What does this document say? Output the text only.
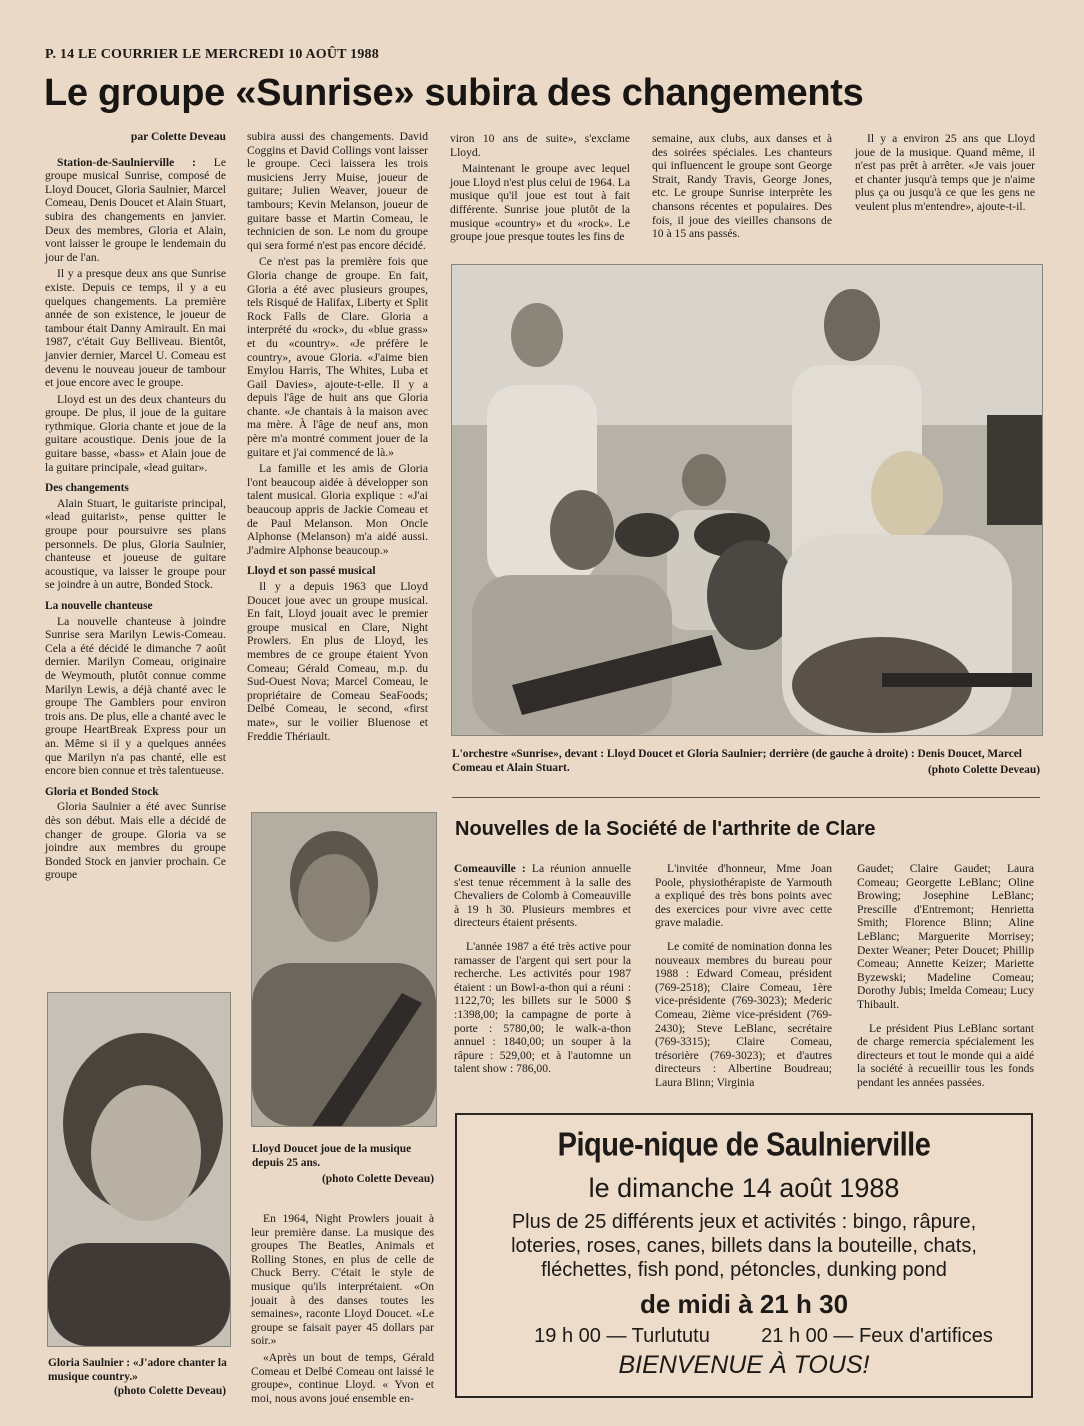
P. 14 LE COURRIER LE MERCREDI 10 AOÛT 1988
Le groupe «Sunrise» subira des changements
par Colette Deveau

Station-de-Saulnierville : Le groupe musical Sunrise, composé de Lloyd Doucet, Gloria Saulnier, Marcel Comeau, Denis Doucet et Alain Stuart, subira des changements en janvier. Deux des membres, Gloria et Alain, vont laisser le groupe le lendemain du jour de l'an.

Il y a presque deux ans que Sunrise existe. Depuis ce temps, il y a eu quelques changements. La première année de son existence, le joueur de tambour était Danny Amirault. En mai 1987, c'était Guy Belliveau. Bientôt, janvier dernier, Marcel U. Comeau est devenu le nouveau joueur de tambour et joue encore avec le groupe.

Lloyd est un des deux chanteurs du groupe. De plus, il joue de la guitare rythmique. Gloria chante et joue de la guitare acoustique. Denis joue de la guitare basse, «bass» et Alain joue de la guitare principale, «lead guitar».

Des changements

Alain Stuart, le guitariste principal, «lead guitarist», pense quitter le groupe pour poursuivre ses plans personnels. De plus, Gloria Saulnier, chanteuse et joueuse de guitare acoustique, va laisser le groupe pour se joindre à un autre, Bonded Stock.

La nouvelle chanteuse

La nouvelle chanteuse à joindre Sunrise sera Marilyn Lewis-Comeau. Cela a été décidé le dimanche 7 août dernier. Marilyn Comeau, originaire de Weymouth, plutôt connue comme Marilyn Lewis, a déjà chanté avec le groupe The Gamblers pour environ trois ans. De plus, elle a chanté avec le groupe HeartBreak Express pour un an. Même si il y a quelques années que Marilyn n'a pas chanté, elle est encore bien connue et très talentueuse.

Gloria et Bonded Stock

Gloria Saulnier a été avec Sunrise dès son début. Mais elle a décidé de changer de groupe. Gloria va se joindre aux membres du groupe Bonded Stock en janvier prochain. Ce groupe

subira aussi des changements. David Coggins et David Collings vont laisser le groupe. Ceci laissera les trois musiciens Jerry Muise, joueur de guitare; Julien Weaver, joueur de tambours; Kevin Melanson, joueur de guitare basse et Martin Comeau, le technicien de son. Le nom du groupe qui sera formé n'est pas encore décidé.

Ce n'est pas la première fois que Gloria change de groupe. En fait, Gloria a été avec plusieurs groupes, tels Risqué de Halifax, Liberty et Split Rock Falls de Clare. Gloria a interprété du «rock», du «blue grass» et du «country». «Je préfère le country», avoue Gloria. «J'aime bien Emylou Harris, The Whites, Luba et Gail Davies», ajoute-t-elle. Il y a depuis l'âge de huit ans que Gloria chante. «Je chantais à la maison avec ma mère. À l'âge de neuf ans, mon père m'a montré comment jouer de la guitare et j'ai commencé de là.»

La famille et les amis de Gloria l'ont beaucoup aidée à développer son talent musical. Gloria explique : «J'ai beaucoup appris de Jackie Comeau et de Paul Melanson. Mon Oncle Alphonse (Melanson) m'a aidé aussi. J'admire Alphonse beaucoup.»

Lloyd et son passé musical

Il y a depuis 1963 que Lloyd Doucet joue avec un groupe musical. En fait, Lloyd jouait avec le premier groupe musical en Clare, Night Prowlers. En plus de Lloyd, les membres de ce groupe étaient Yvon Comeau; Gérald Comeau, m.p. du Sud-Ouest Nova; Marcel Comeau, le propriétaire de Comeau SeaFoods; Delbé Comeau, le second, «first mate», sur le voilier Bluenose et Freddie Thériault.

viron 10 ans de suite», s'exclame Lloyd.

Maintenant le groupe avec lequel joue Lloyd n'est plus celui de 1964. La musique qu'il joue est tout à fait différente. Sunrise joue plutôt de la musique «country» et du «rock». Le groupe joue presque toutes les fins de

semaine, aux clubs, aux danses et à des soirées spéciales. Les chanteurs qui influencent le groupe sont George Strait, Randy Travis, George Jones, etc. Le groupe Sunrise interprète les chansons récentes et populaires. Des fois, il joue des vieilles chansons de 10 à 15 ans passés.

Il y a environ 25 ans que Lloyd joue de la musique. Quand même, il n'est pas prêt à arrêter. «Je vais jouer et chanter jusqu'à temps que je n'aime plus ça ou jusqu'à ce que les gens ne veulent plus m'entendre», ajoute-t-il.

L'orchestre «Sunrise», devant : Lloyd Doucet et Gloria Saulnier; derrière (de gauche à droite) : Denis Doucet, Marcel Comeau et Alain Stuart.	(photo Colette Deveau)
Lloyd Doucet joue de la musique depuis 25 ans.
(photo Colette Deveau)

En 1964, Night Prowlers jouait à leur première danse. La musique des groupes The Beatles, Animals et Rolling Stones, en plus de celle de Chuck Berry. C'était le style de musique qu'ils interprétaient. «On jouait à des danses toutes les semaines», raconte Lloyd Doucet. «Le groupe se faisait payer 45 dollars par soir.»

«Après un bout de temps, Gérald Comeau et Delbé Comeau ont laissé le groupe», continue Lloyd. « Yvon et moi, nous avons joué ensemble en-

Gloria Saulnier : «J'adore chanter la musique country.»
(photo Colette Deveau)
Nouvelles de la Société de l'arthrite de Clare

Comeauville : La réunion annuelle s'est tenue récemment à la salle des Chevaliers de Colomb à Comeauville à 19 h 30. Plusieurs membres et directeurs étaient présents.

L'année 1987 a été très active pour ramasser de l'argent qui sert pour la recherche. Les activités pour 1987 étaient : un Bowl-a-thon qui a réuni : 1122,70; les billets sur le 5000 $ :1398,00; la campagne de porte à porte : 5780,00; le walk-a-thon annuel : 1840,00; un souper à la râpure : 529,00; et à l'automne un talent show : 786,00.

L'invitée d'honneur, Mme Joan Poole, physiothérapiste de Yarmouth a expliqué des très bons points avec des exercices pour vivre avec cette grave maladie.

Le comité de nomination donna les nouveaux membres du bureau pour 1988 : Edward Comeau, président (769-2518); Claire Comeau, 1ère vice-présidente (769-3023); Mederic Comeau, 2ième vice-président (769-2430); Steve LeBlanc, secrétaire (769-3315); Claire Comeau, trésorière (769-3023); et d'autres directeurs : Albertine Boudreau; Laura Blinn; Virginia

Gaudet; Claire Gaudet; Laura Comeau; Georgette LeBlanc; Oline Browing; Josephine LeBlanc; Prescille d'Entremont; Henrietta Smith; Florence Blinn; Aline LeBlanc; Marguerite Morrisey; Dexter Weaner; Peter Doucet; Phillip Comeau; Annette Keizer; Mariette Byzewski; Madeline Comeau; Dorothy Jubis; Imelda Comeau; Lucy Thibault.

Le président Pius LeBlanc sortant de charge remercia spécialement les directeurs et tout le monde qui a aidé la société à recueillir tous les fonds pendant les années passées.

Pique-nique de Saulnierville
le dimanche 14 août 1988
Plus de 25 différents jeux et activités : bingo, râpure,
loteries, roses, canes, billets dans la bouteille, chats,
fléchettes, fish pond, pétoncles, dunking pond
de midi à 21 h 30
19 h 00 — Turlututu	21 h 00 — Feux d'artifices
BIENVENUE À TOUS!
